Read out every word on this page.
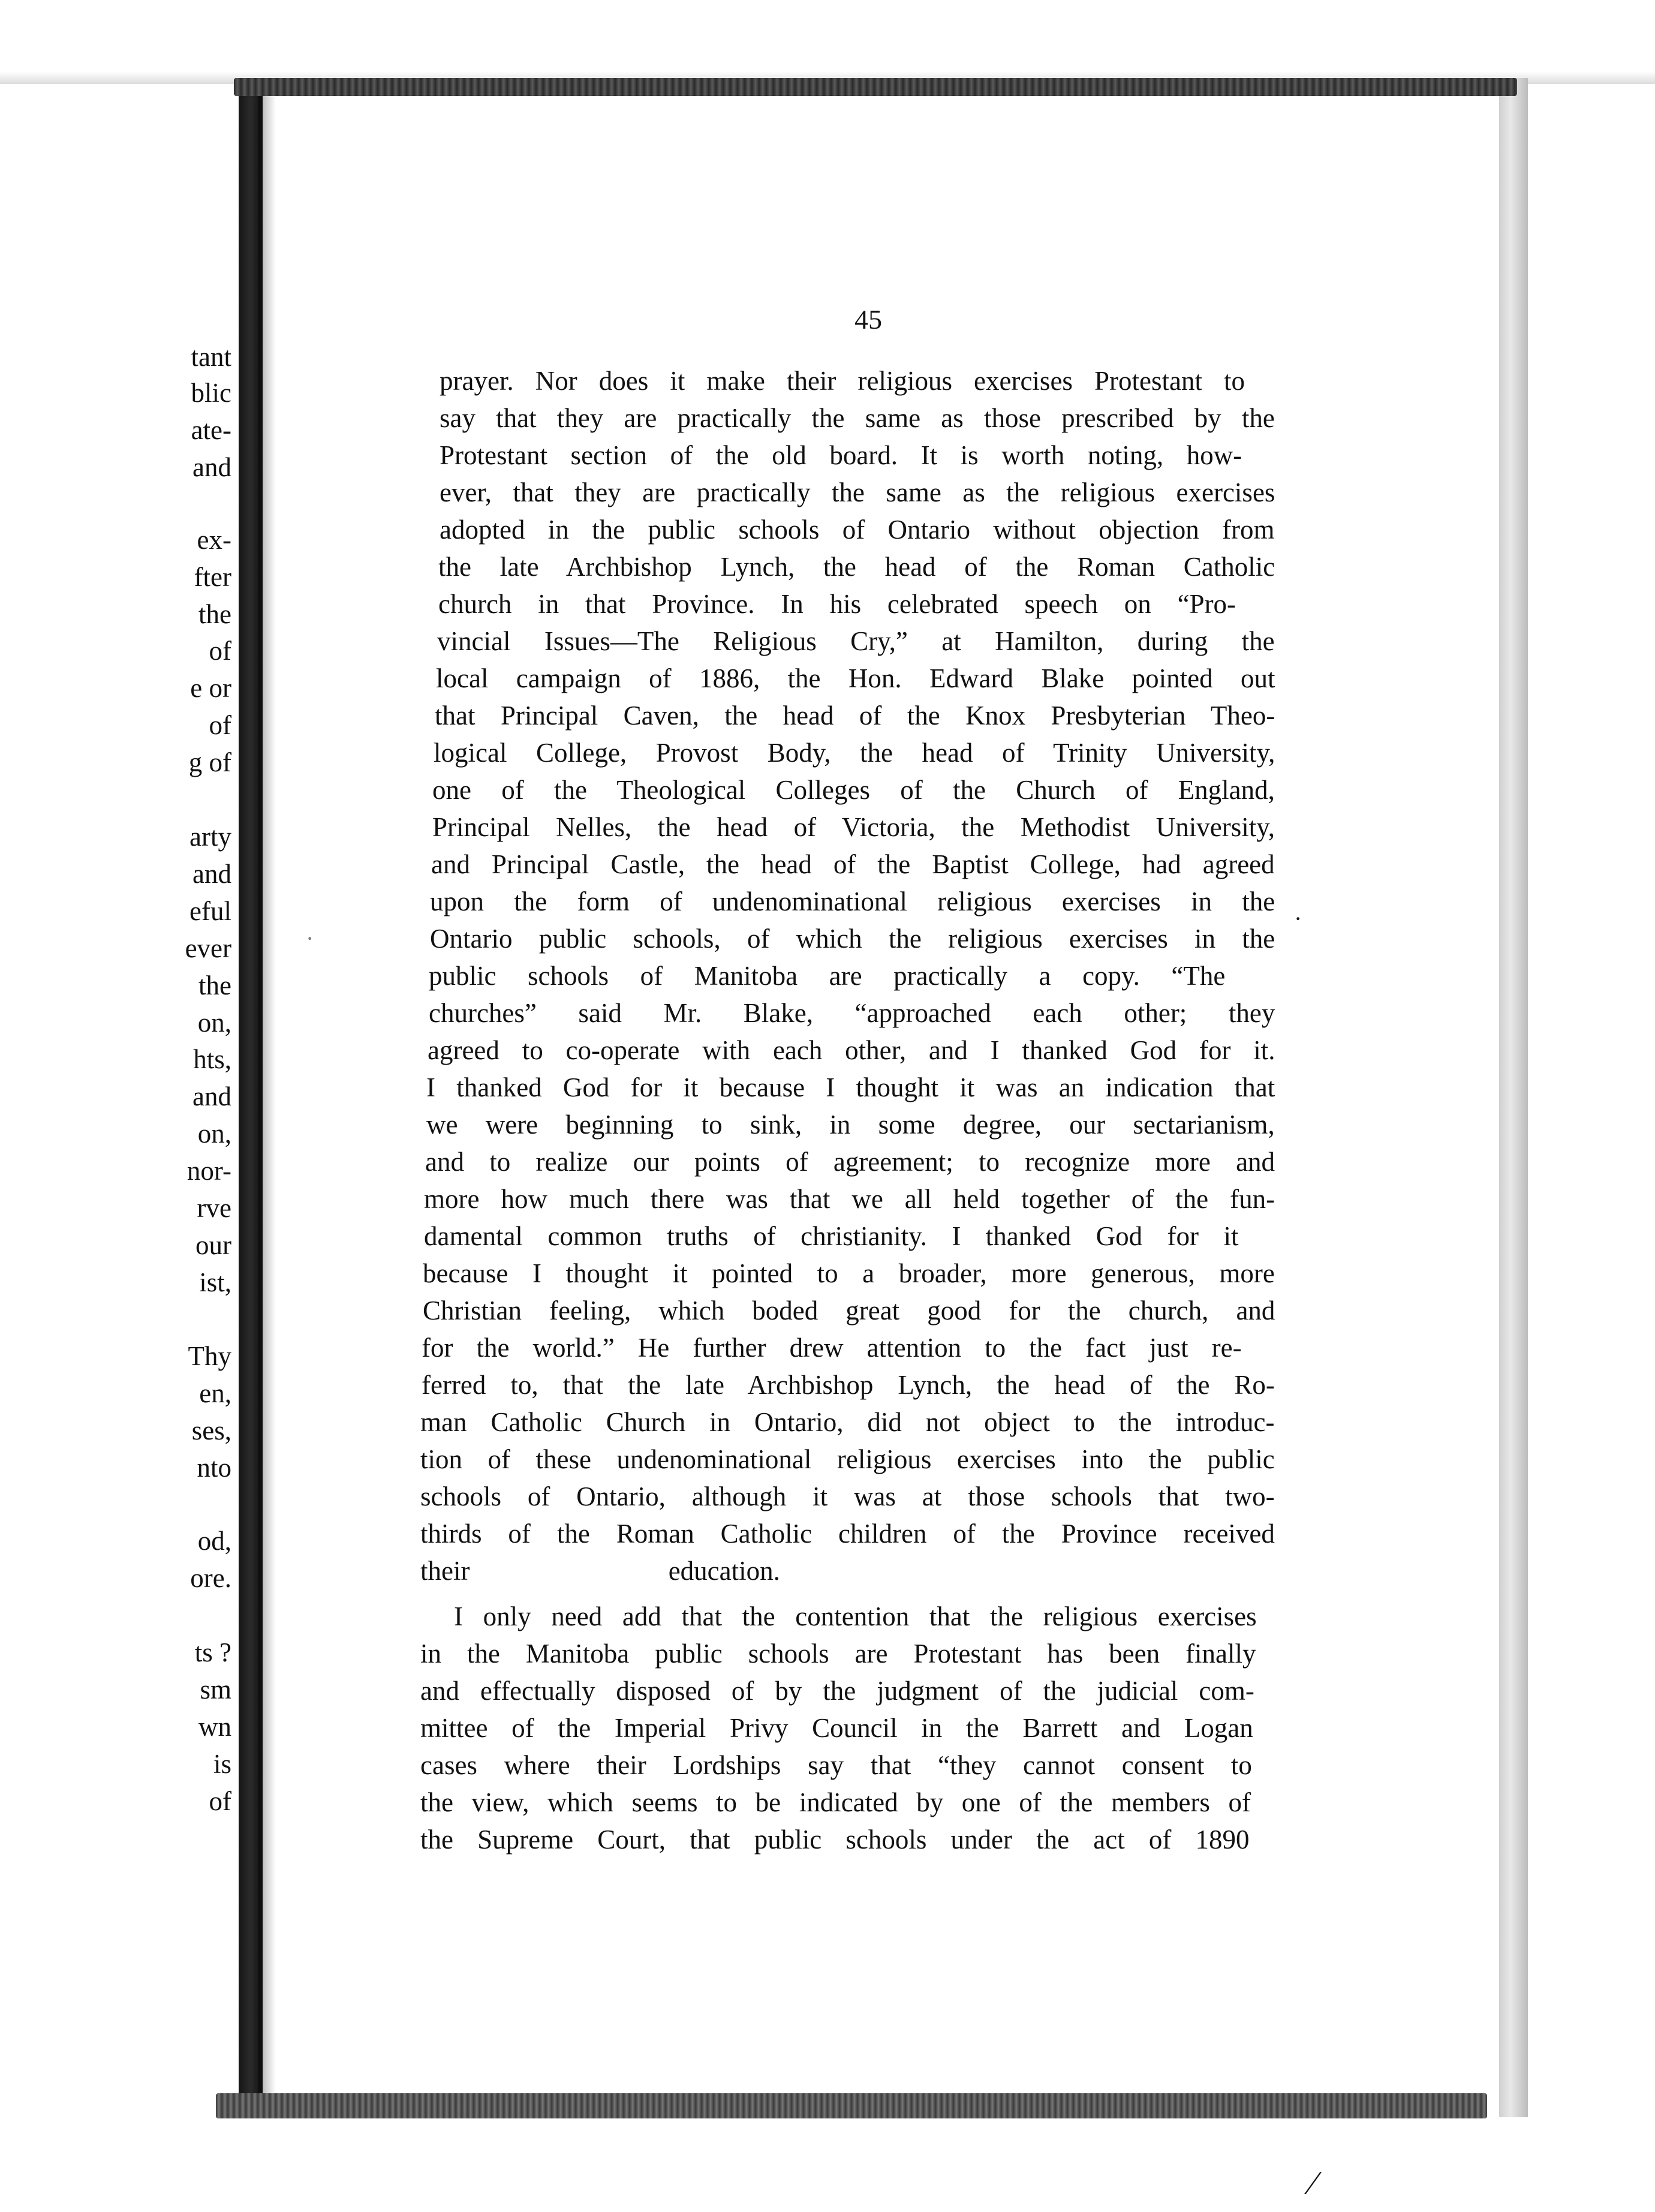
tant
blic
ate-
and
ex-
fter
the
of
e or
of
g of
arty
and
eful
ever
the
on,
hts,
and
on,
nor-
rve
our
ist,
Thy
en,
ses,
nto
od,
ore.
ts ?
sm
wn
is
of
45
prayer. Nor does it make their religious exercises Protestant to
say that they are practically the same as those prescribed by the
Protestant section of the old board. It is worth noting, how-
ever, that they are practically the same as the religious exercises
adopted in the public schools of Ontario without objection from
the late Archbishop Lynch, the head of the Roman Catholic
church in that Province. In his celebrated speech on “Pro-
vincial Issues—The Religious Cry,” at Hamilton, during the
local campaign of 1886, the Hon. Edward Blake pointed out
that Principal Caven, the head of the Knox Presbyterian Theo-
logical College, Provost Body, the head of Trinity University,
one of the Theological Colleges of the Church of England,
Principal Nelles, the head of Victoria, the Methodist University,
and Principal Castle, the head of the Baptist College, had agreed
upon the form of undenominational religious exercises in the
Ontario public schools, of which the religious exercises in the
public schools of Manitoba are practically a copy. “The
churches” said Mr. Blake, “approached each other; they
agreed to co-operate with each other, and I thanked God for it.
I thanked God for it because I thought it was an indication that
we were beginning to sink, in some degree, our sectarianism,
and to realize our points of agreement; to recognize more and
more how much there was that we all held together of the fun-
damental common truths of christianity. I thanked God for it
because I thought it pointed to a broader, more generous, more
Christian feeling, which boded great good for the church, and
for the world.” He further drew attention to the fact just re-
ferred to, that the late Archbishop Lynch, the head of the Ro-
man Catholic Church in Ontario, did not object to the introduc-
tion of these undenominational religious exercises into the public
schools of Ontario, although it was at those schools that two-
thirds of the Roman Catholic children of the Province received
their education.
I only need add that the contention that the religious exercises
in the Manitoba public schools are Protestant has been finally
and effectually disposed of by the judgment of the judicial com-
mittee of the Imperial Privy Council in the Barrett and Logan
cases where their Lordships say that “they cannot consent to
the view, which seems to be indicated by one of the members of
the Supreme Court, that public schools under the act of 1890
·
·
⁄
